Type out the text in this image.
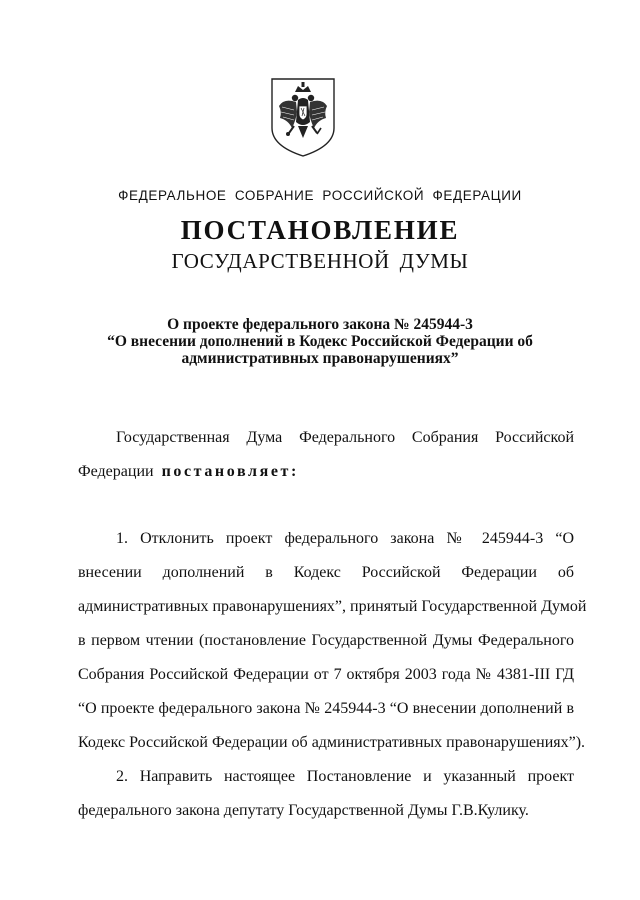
ФЕДЕРАЛЬНОЕ СОБРАНИЕ РОССИЙСКОЙ ФЕДЕРАЦИИ
ПОСТАНОВЛЕНИЕ
ГОСУДАРСТВЕННОЙ ДУМЫ
О проекте федерального закона № 245944-3
“О внесении дополнений в Кодекс Российской Федерации об
административных правонарушениях”
Государственная Дума Федерального Собрания Российской
Федерации постановляет:
1. Отклонить проект федерального закона № 245944-3 “О
внесении дополнений в Кодекс Российской Федерации об
административных правонарушениях”, принятый Государственной Думой
в первом чтении (постановление Государственной Думы Федерального
Собрания Российской Федерации от 7 октября 2003 года № 4381-III ГД
“О проекте федерального закона № 245944-3 “О внесении дополнений в
Кодекс Российской Федерации об административных правонарушениях”).
2. Направить настоящее Постановление и указанный проект
федерального закона депутату Государственной Думы Г.В.Кулику.
